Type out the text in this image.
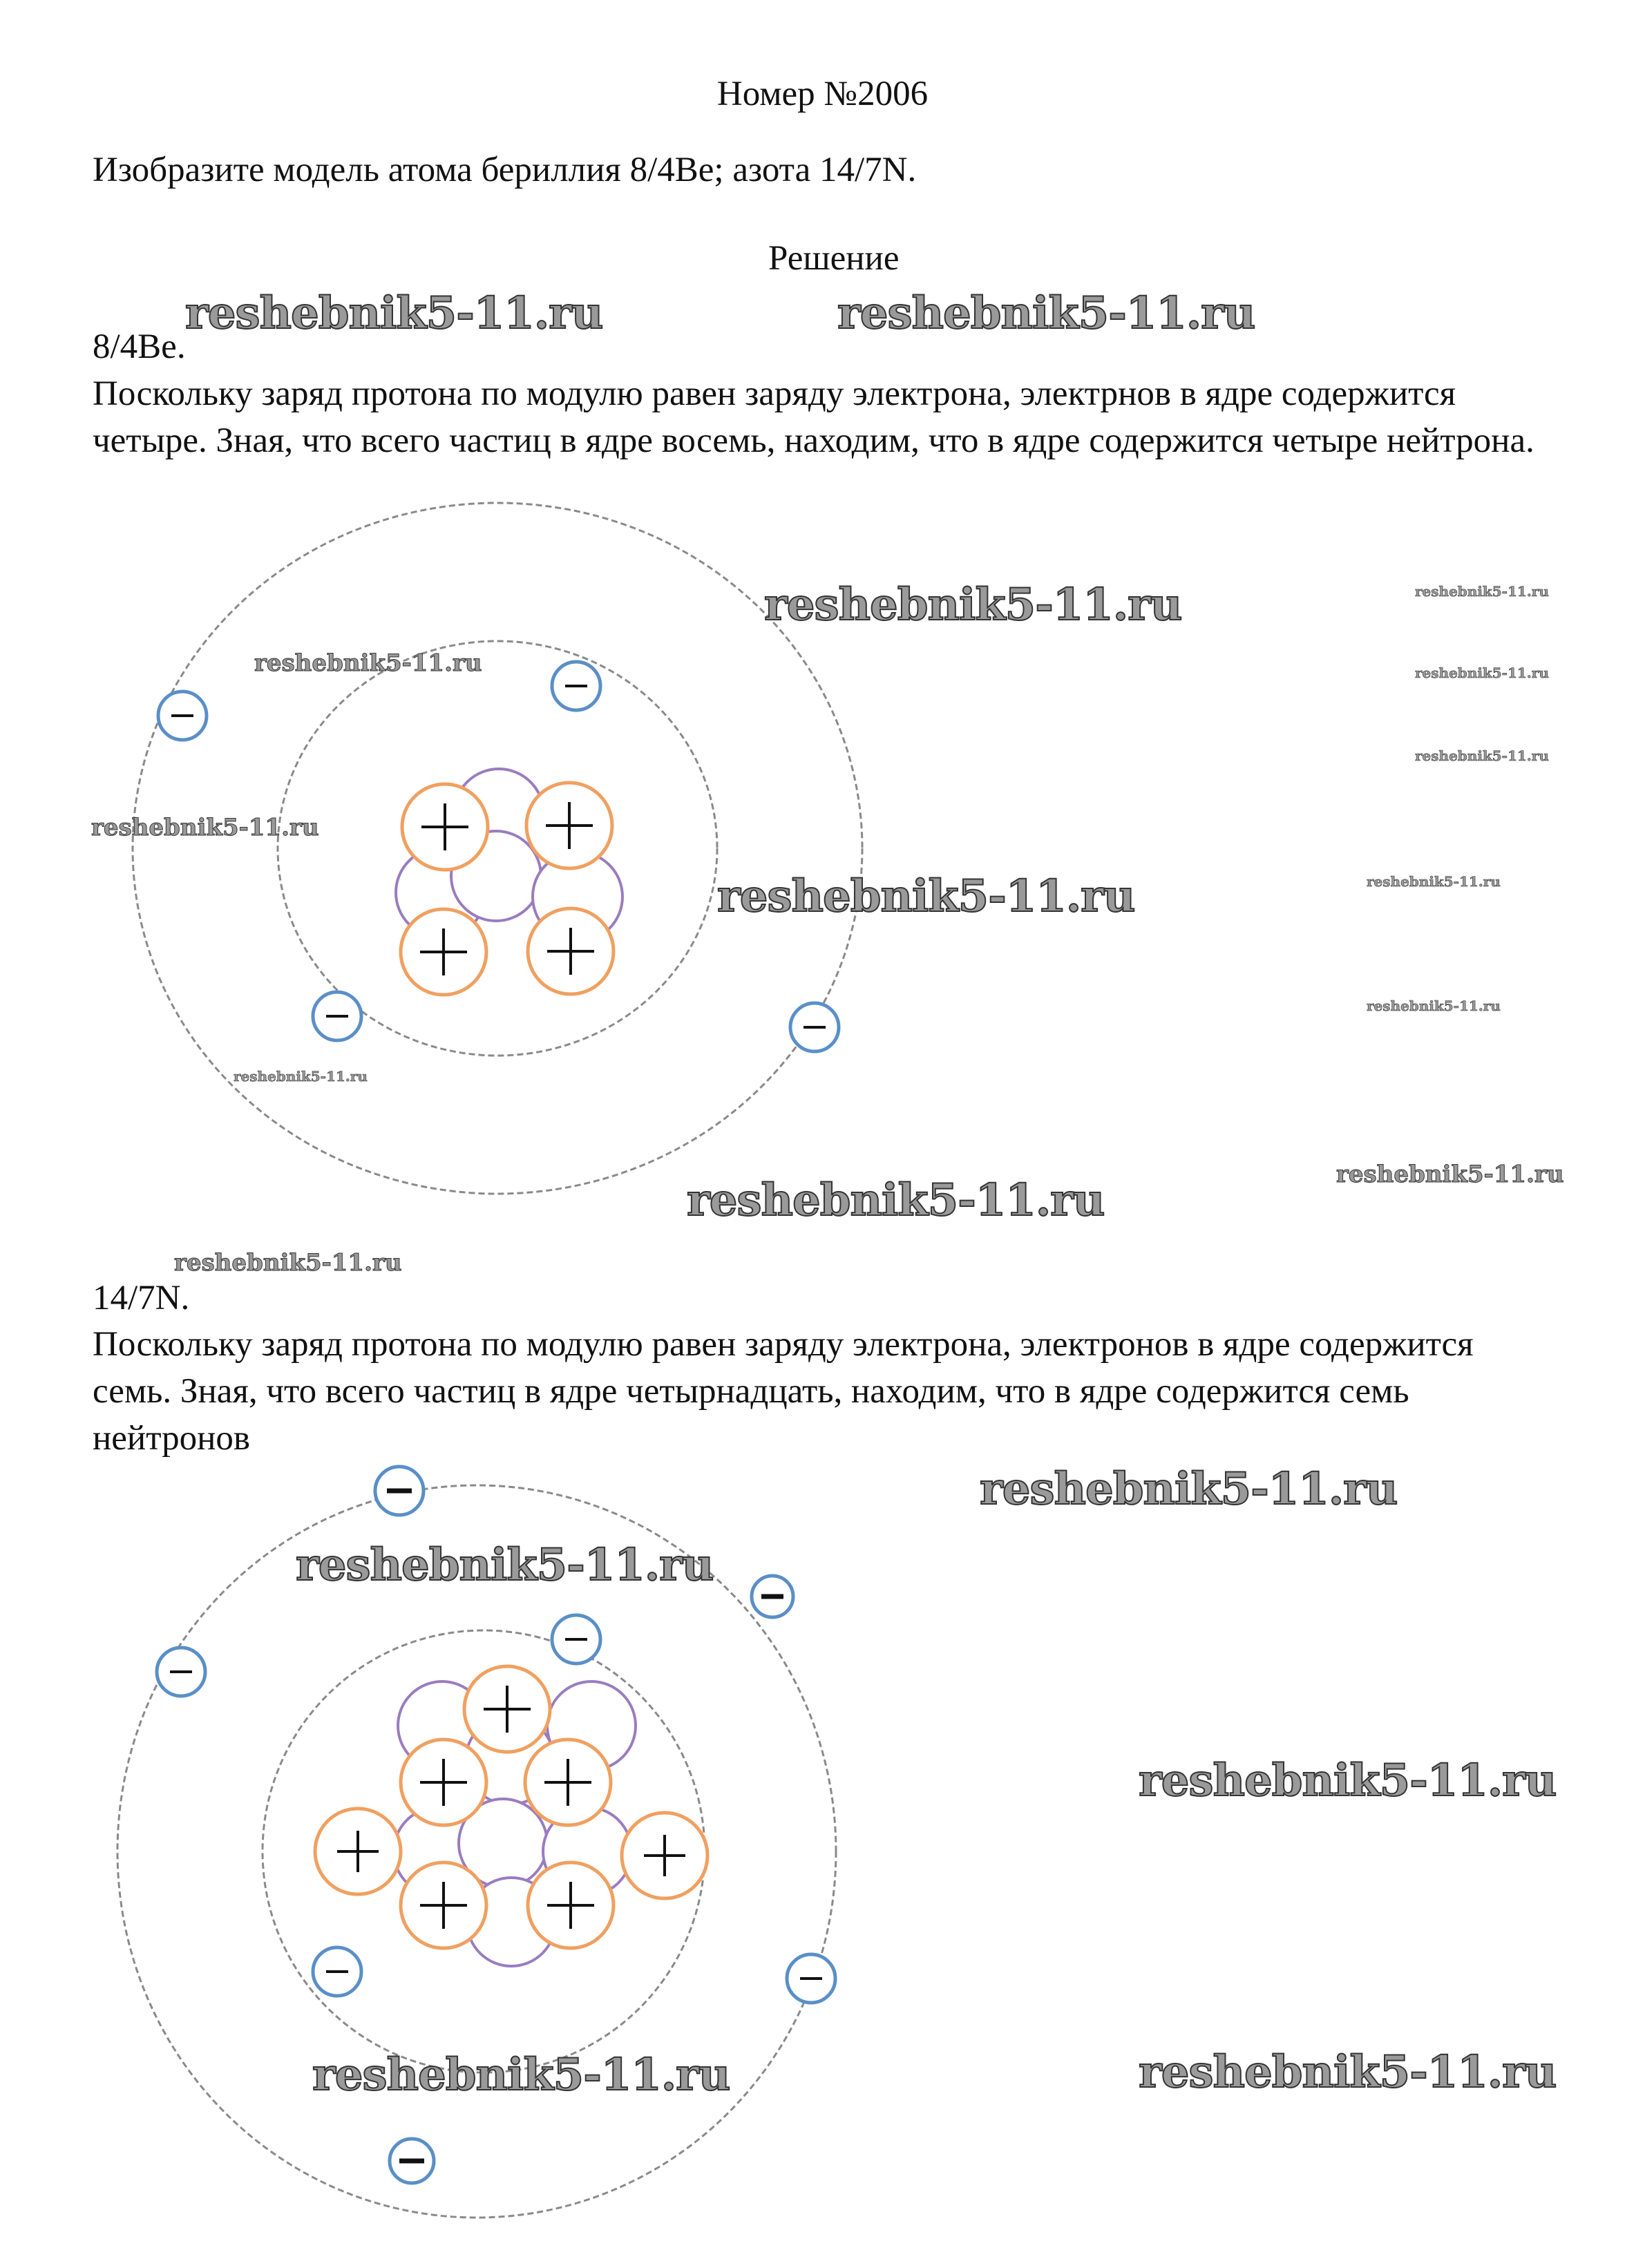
Номер №2006
Изобразите модель атома бериллия 8/4Be; азота 14/7N.
Решение
8/4Be.
Поскольку заряд протона по модулю равен заряду электрона, электрнов в ядре содержится четыре. Зная, что всего частиц в ядре восемь, находим, что в ядре содержится четыре нейтрона.
14/7N.
Поскольку заряд протона по модулю равен заряду электрона, электронов в ядре содержится семь. Зная, что всего частиц в ядре четырнадцать, находим, что в ядре содержится семь нейтронов
reshebnik5-11.ru	reshebnik5-11.ru
reshebnik5-11.ru
reshebnik5-11.ru
reshebnik5-11.ru
reshebnik5-11.ru
reshebnik5-11.ru
reshebnik5-11.ru
reshebnik5-11.ru
reshebnik5-11.ru
reshebnik5-11.ru
reshebnik5-11.ru
reshebnik5-11.ru
reshebnik5-11.ru
reshebnik5-11.ru
reshebnik5-11.ru
reshebnik5-11.ru
reshebnik5-11.ru
reshebnik5-11.ru	reshebnik5-11.ru
